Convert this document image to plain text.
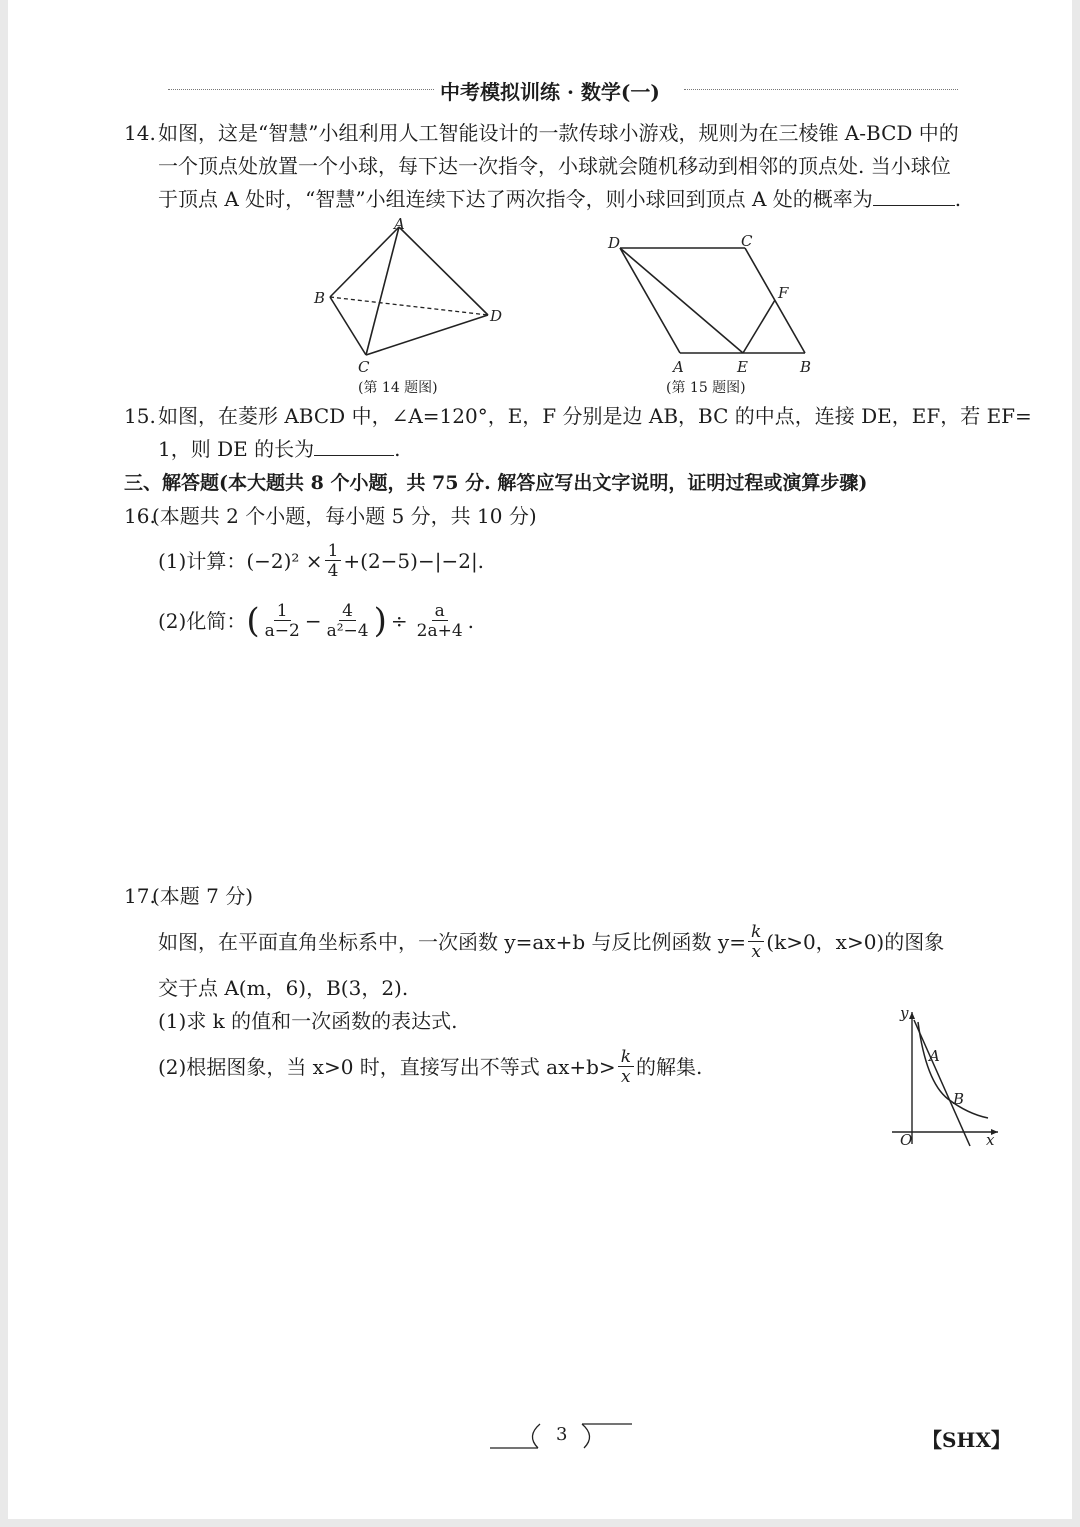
中考模拟训练 · 数学(一)
14. 如图，这是“智慧”小组利用人工智能设计的一款传球小游戏，规则为在三棱锥 A-BCD 中的
一个顶点处放置一个小球，每下达一次指令，小球就会随机移动到相邻的顶点处. 当小球位
于顶点 A 处时，“智慧”小组连续下达了两次指令，则小球回到顶点 A 处的概率为	.
A
B
C
D
(第 14 题图)
D	C
F
A	E	B
(第 15 题图)
15. 如图，在菱形 ABCD 中，∠A=120°，E，F 分别是边 AB，BC 的中点，连接 DE，EF，若 EF=
1，则 DE 的长为	.
三、解答题(本大题共 8 个小题，共 75 分. 解答应写出文字说明，证明过程或演算步骤)
16.
(本题共 2 个小题，每小题 5 分，共 10 分)
(1)计算：$(-2)^2 \times \frac{1}{4} +(2-5)-|-2|$.
(2)化简： ( $\frac{1}{a-2} - \frac{4}{\text{a²−4}}$ ) ÷ $\frac{a}{2a+4}$ .
17.
(本题 7 分)
如图，在平面直角坐标系中，一次函数 y=ax+b 与反比例函数 $y= \frac{k}{x} (k>0$，x>0)的图象
交于点 A(m，6)，B(3，2).
(1)求 k 的值和一次函数的表达式.
(2)根据图象，当 x>0 时，直接写出不等式 $ax+b> \frac{k}{x}$ 的解集.
y
x
O
A
B
3	【SHX】
